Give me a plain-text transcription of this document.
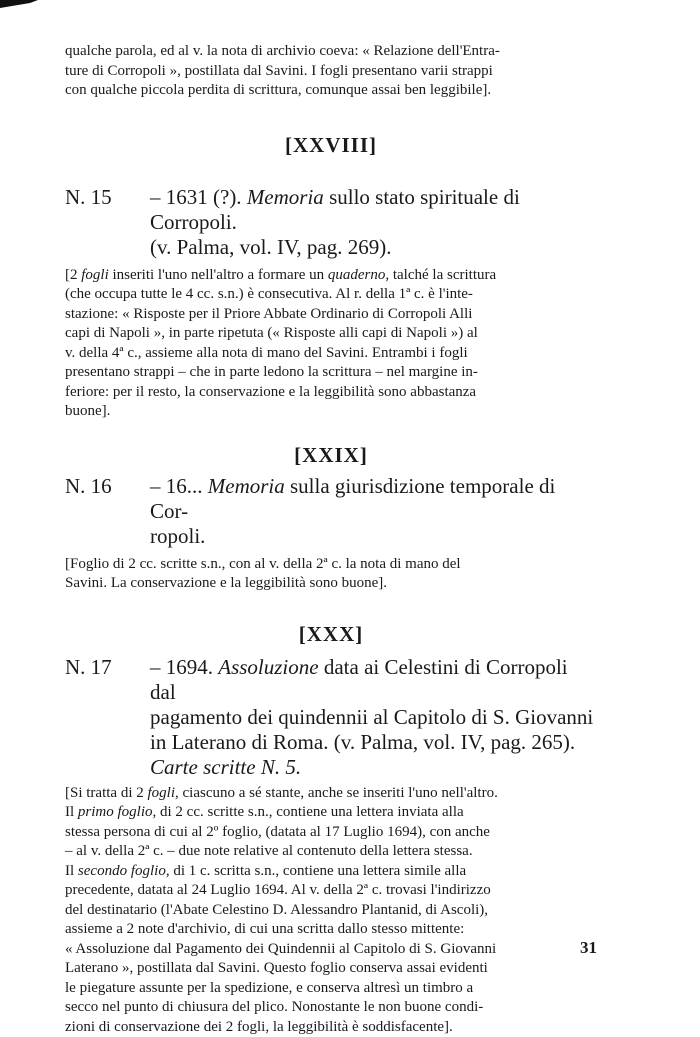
qualche parola, ed al v. la nota di archivio coeva: « Relazione dell'Entra-
ture di Corropoli », postillata dal Savini. I fogli presentano varii strappi
con qualche piccola perdita di scrittura, comunque assai ben leggibile].
[XXVIII]
N. 15	– 1631 (?). Memoria sullo stato spirituale di Corropoli.
(v. Palma, vol. IV, pag. 269).
[2 fogli inseriti l'uno nell'altro a formare un quaderno, talché la scrittura
(che occupa tutte le 4 cc. s.n.) è consecutiva. Al r. della 1ª c. è l'inte-
stazione: « Risposte per il Priore Abbate Ordinario di Corropoli Alli
capi di Napoli », in parte ripetuta (« Risposte alli capi di Napoli ») al
v. della 4ª c., assieme alla nota di mano del Savini. Entrambi i fogli
presentano strappi – che in parte ledono la scrittura – nel margine in-
feriore: per il resto, la conservazione e la leggibilità sono abbastanza
buone].
[XXIX]
N. 16	– 16... Memoria sulla giurisdizione temporale di Cor-
ropoli.
[Foglio di 2 cc. scritte s.n., con al v. della 2ª c. la nota di mano del
Savini. La conservazione e la leggibilità sono buone].
[XXX]
N. 17	– 1694. Assoluzione data ai Celestini di Corropoli dal
pagamento dei quindennii al Capitolo di S. Giovanni
in Laterano di Roma. (v. Palma, vol. IV, pag. 265).
Carte scritte N. 5.
[Si tratta di 2 fogli, ciascuno a sé stante, anche se inseriti l'uno nell'altro.
Il primo foglio, di 2 cc. scritte s.n., contiene una lettera inviata alla
stessa persona di cui al 2º foglio, (datata al 17 Luglio 1694), con anche
– al v. della 2ª c. – due note relative al contenuto della lettera stessa.
Il secondo foglio, di 1 c. scritta s.n., contiene una lettera simile alla
precedente, datata al 24 Luglio 1694. Al v. della 2ª c. trovasi l'indirizzo
del destinatario (l'Abate Celestino D. Alessandro Plantanid, di Ascoli),
assieme a 2 note d'archivio, di cui una scritta dallo stesso mittente:
« Assoluzione dal Pagamento dei Quindennii al Capitolo di S. Giovanni
Laterano », postillata dal Savini. Questo foglio conserva assai evidenti
le piegature assunte per la spedizione, e conserva altresì un timbro a
secco nel punto di chiusura del plico. Nonostante le non buone condi-
zioni di conservazione dei 2 fogli, la leggibilità è soddisfacente].
31
